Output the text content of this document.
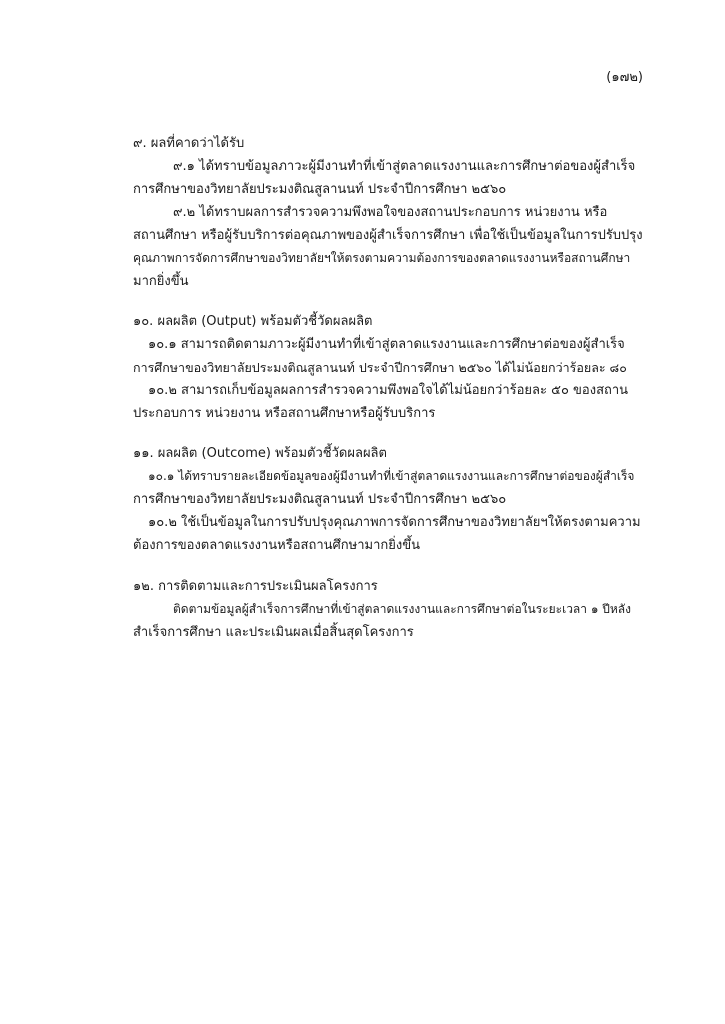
(๑๗๒)
๙. ผลที่คาดว่าได้รับ
๙.๑ ได้ทราบข้อมูลภาวะผู้มีงานทำที่เข้าสู่ตลาดแรงงานและการศึกษาต่อของผู้สำเร็จ
การศึกษาของวิทยาลัยประมงติณสูลานนท์ ประจำปีการศึกษา ๒๕๖๐
๙.๒ ได้ทราบผลการสำรวจความพึงพอใจของสถานประกอบการ หน่วยงาน หรือ
สถานศึกษา หรือผู้รับบริการต่อคุณภาพของผู้สำเร็จการศึกษา เพื่อใช้เป็นข้อมูลในการปรับปรุง
คุณภาพการจัดการศึกษาของวิทยาลัยฯให้ตรงตามความต้องการของตลาดแรงงานหรือสถานศึกษา
มากยิ่งขึ้น
๑๐. ผลผลิต (Output) พร้อมตัวชี้วัดผลผลิต
๑๐.๑ สามารถติดตามภาวะผู้มีงานทำที่เข้าสู่ตลาดแรงงานและการศึกษาต่อของผู้สำเร็จ
การศึกษาของวิทยาลัยประมงติณสูลานนท์ ประจำปีการศึกษา ๒๕๖๐ ได้ไม่น้อยกว่าร้อยละ ๘๐
๑๐.๒ สามารถเก็บข้อมูลผลการสำรวจความพึงพอใจได้ไม่น้อยกว่าร้อยละ ๕๐ ของสถาน
ประกอบการ หน่วยงาน หรือสถานศึกษาหรือผู้รับบริการ
๑๑. ผลผลิต (Outcome) พร้อมตัวชี้วัดผลผลิต
๑๐.๑ ได้ทราบรายละเอียดข้อมูลของผู้มีงานทำที่เข้าสู่ตลาดแรงงานและการศึกษาต่อของผู้สำเร็จ
การศึกษาของวิทยาลัยประมงติณสูลานนท์ ประจำปีการศึกษา ๒๕๖๐
๑๐.๒ ใช้เป็นข้อมูลในการปรับปรุงคุณภาพการจัดการศึกษาของวิทยาลัยฯให้ตรงตามความ
ต้องการของตลาดแรงงานหรือสถานศึกษามากยิ่งขึ้น
๑๒. การติดตามและการประเมินผลโครงการ
ติดตามข้อมูลผู้สำเร็จการศึกษาที่เข้าสู่ตลาดแรงงานและการศึกษาต่อในระยะเวลา ๑ ปีหลัง
สำเร็จการศึกษา และประเมินผลเมื่อสิ้นสุดโครงการ
